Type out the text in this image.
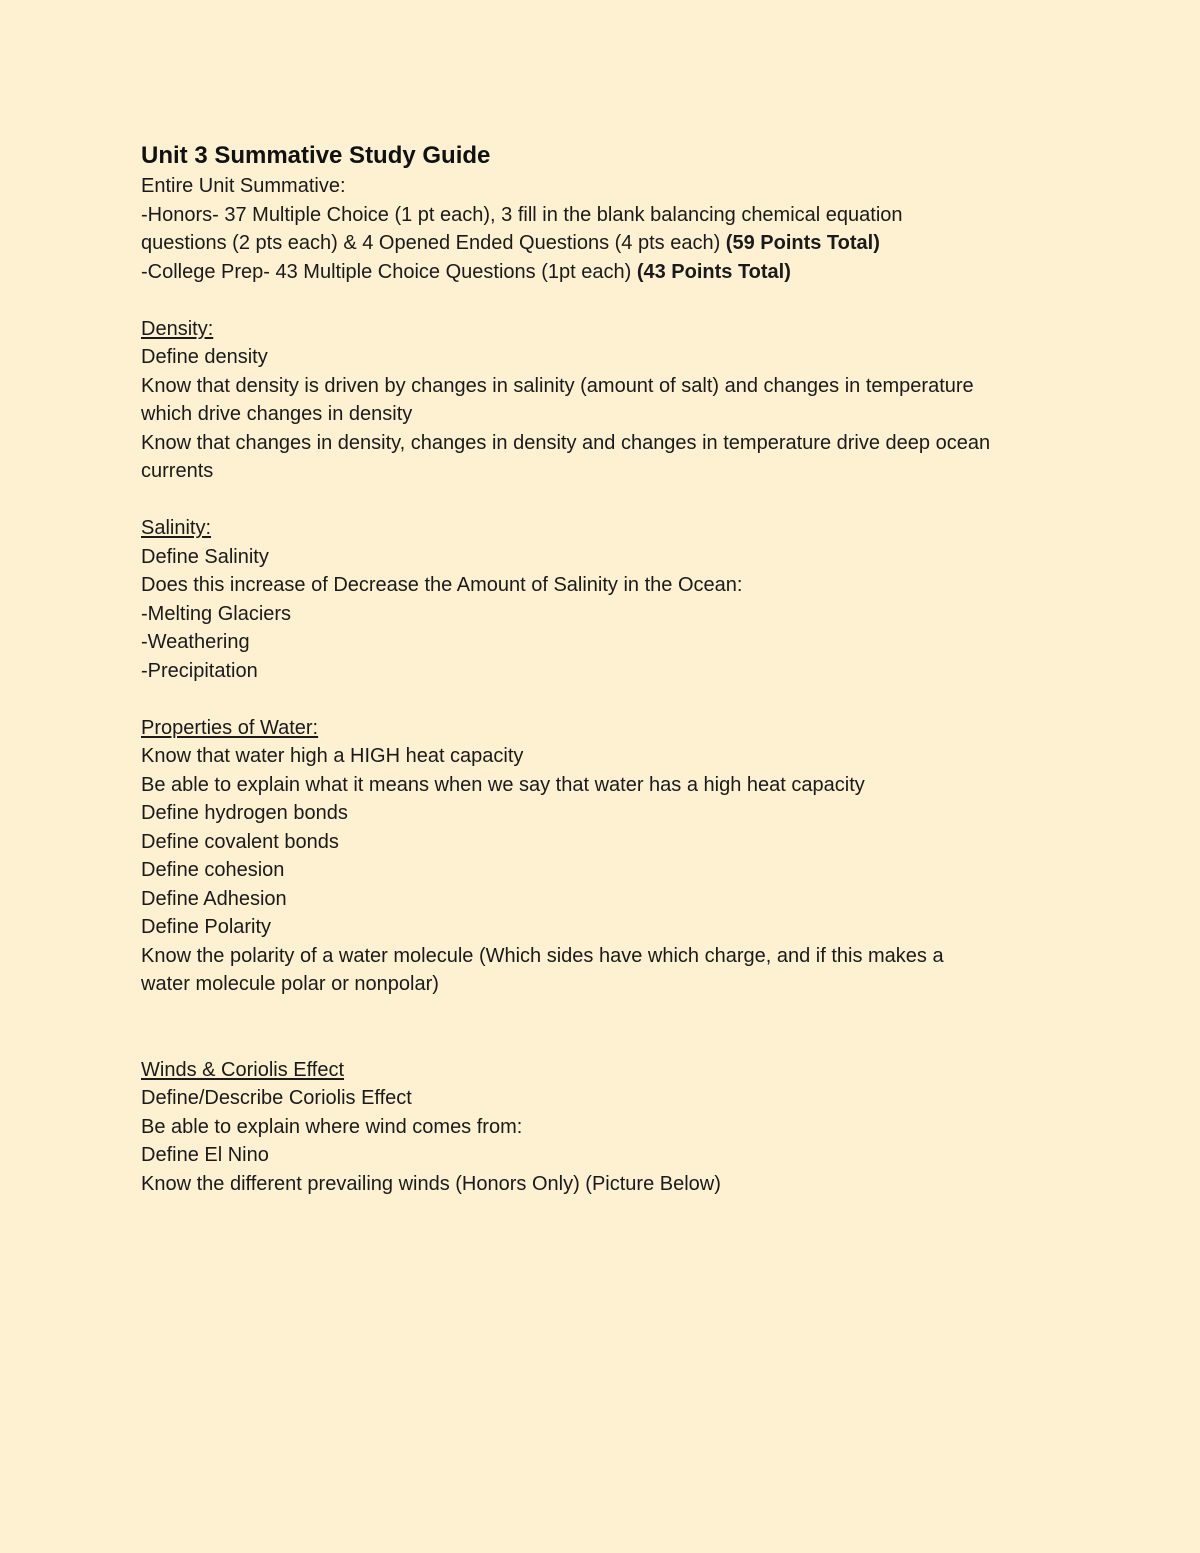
Unit 3 Summative Study Guide

Entire Unit Summative:

-Honors- 37 Multiple Choice (1 pt each), 3 fill in the blank balancing chemical equation

questions (2 pts each) & 4 Opened Ended Questions (4 pts each) (59 Points Total)

-College Prep- 43 Multiple Choice Questions (1pt each) (43 Points Total)

Density:

Define density

Know that density is driven by changes in salinity (amount of salt) and changes in temperature

which drive changes in density

Know that changes in density, changes in density and changes in temperature drive deep ocean

currents

Salinity:

Define Salinity

Does this increase of Decrease the Amount of Salinity in the Ocean:

-Melting Glaciers

-Weathering

-Precipitation

Properties of Water:

Know that water high a HIGH heat capacity

Be able to explain what it means when we say that water has a high heat capacity

Define hydrogen bonds

Define covalent bonds

Define cohesion

Define Adhesion

Define Polarity

Know the polarity of a water molecule (Which sides have which charge, and if this makes a

water molecule polar or nonpolar)

Winds & Coriolis Effect

Define/Describe Coriolis Effect

Be able to explain where wind comes from:

Define El Nino

Know the different prevailing winds (Honors Only) (Picture Below)
